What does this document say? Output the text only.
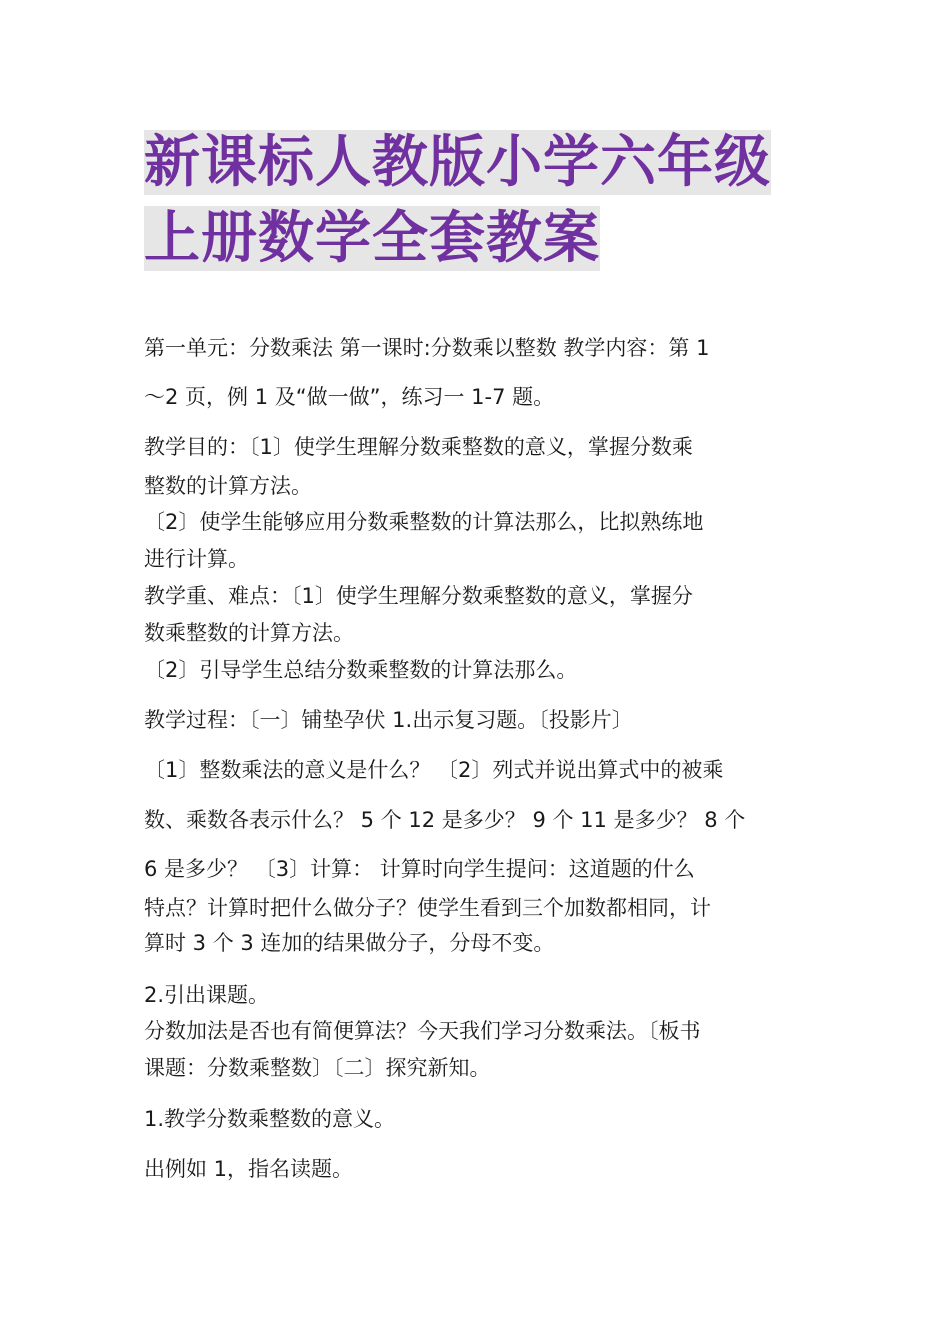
新课标人教版小学六年级
上册数学全套教案
第一单元：分数乘法 第一课时:分数乘以整数 教学内容：第 1
～2 页，例 1 及“做一做”，练习一 1-7 题。
教学目的：〔1〕使学生理解分数乘整数的意义，掌握分数乘
整数的计算方法。
〔2〕使学生能够应用分数乘整数的计算法那么，比拟熟练地
进行计算。
教学重、难点：〔1〕使学生理解分数乘整数的意义，掌握分
数乘整数的计算方法。
〔2〕引导学生总结分数乘整数的计算法那么。
教学过程：〔一〕铺垫孕伏 1.出示复习题。〔投影片〕
〔1〕整数乘法的意义是什么？ 〔2〕列式并说出算式中的被乘
数、乘数各表示什么？ 5 个 12 是多少？ 9 个 11 是多少？ 8 个
6 是多少？ 〔3〕计算： 计算时向学生提问：这道题的什么
特点？计算时把什么做分子？使学生看到三个加数都相同，计
算时 3 个 3 连加的结果做分子，分母不变。
2.引出课题。
分数加法是否也有简便算法？今天我们学习分数乘法。〔板书
课题：分数乘整数〕〔二〕探究新知。
1.教学分数乘整数的意义。
出例如 1，指名读题。
